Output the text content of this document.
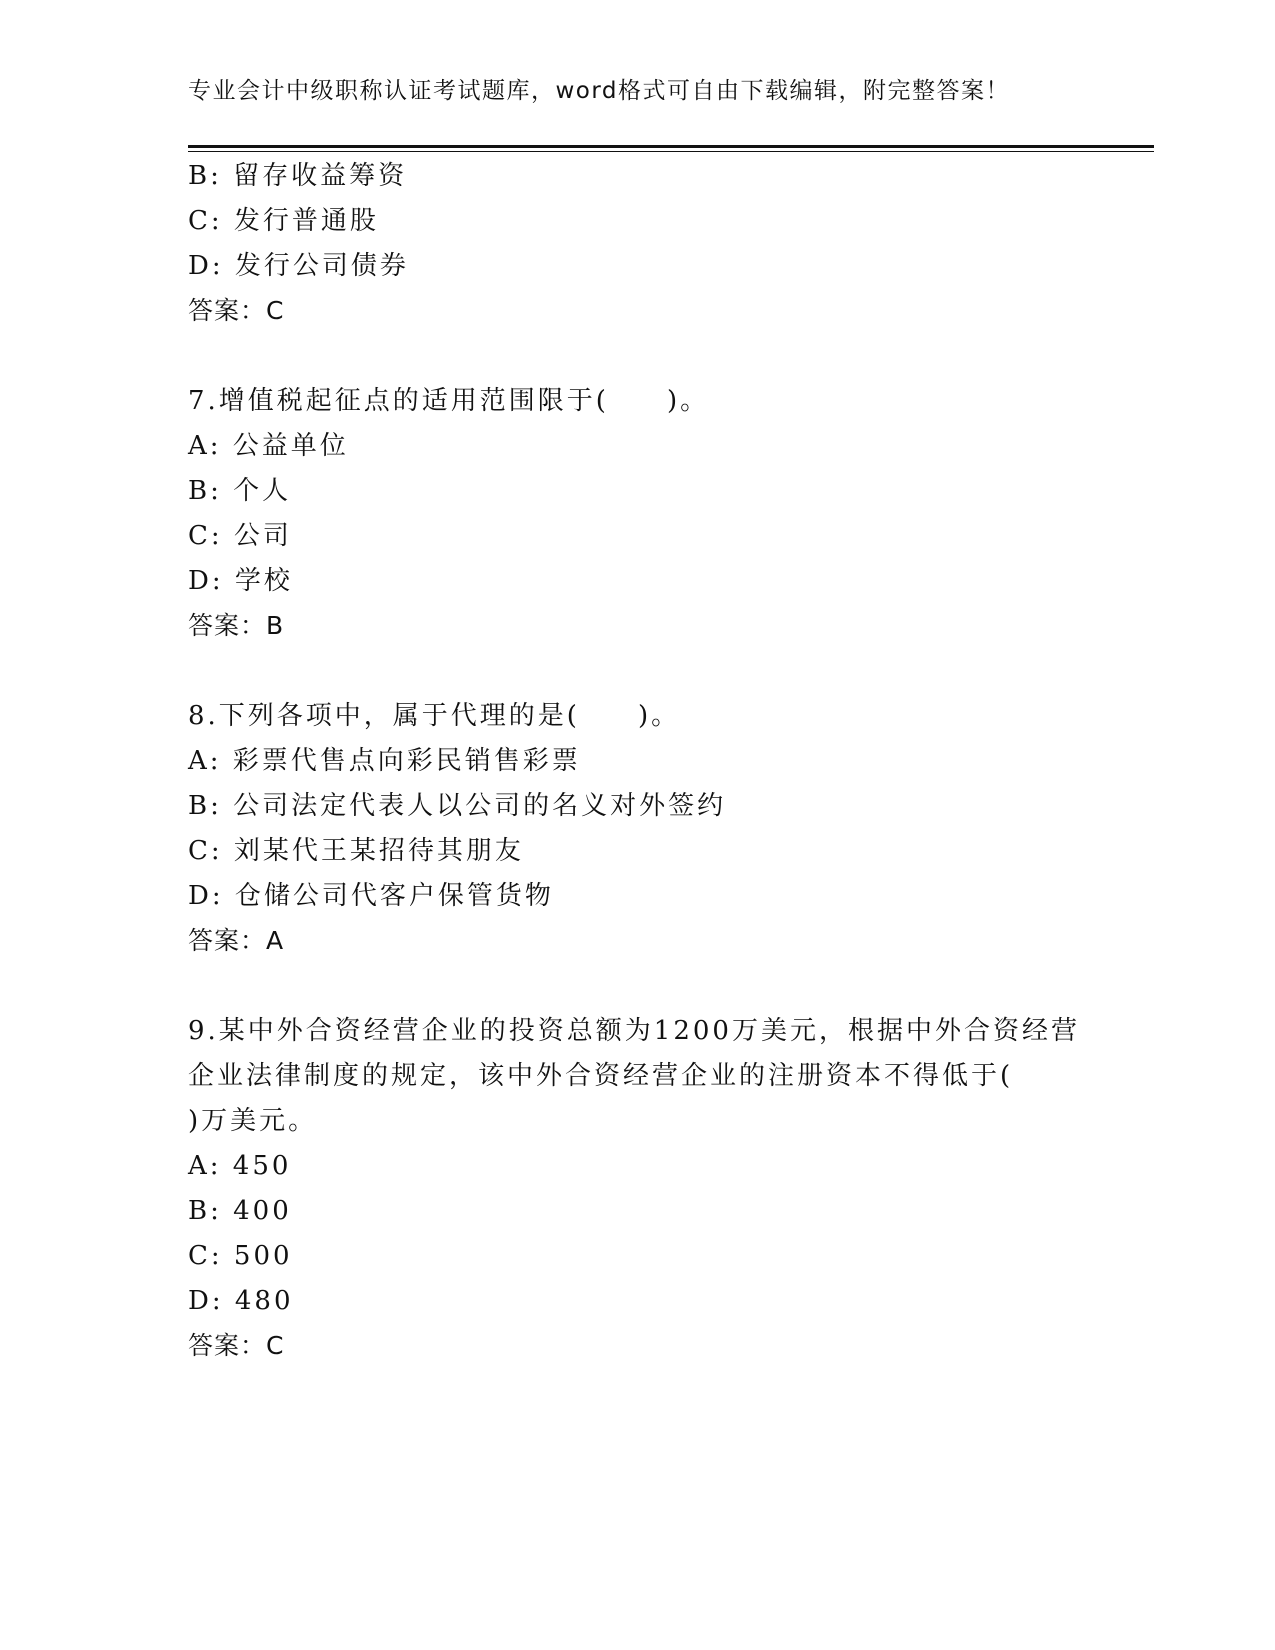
专业会计中级职称认证考试题库，word格式可自由下载编辑，附完整答案！
B: 留存收益筹资
C: 发行普通股
D: 发行公司债券
答案：C
7.增值税起征点的适用范围限于(　　)。
A: 公益单位
B: 个人
C: 公司
D: 学校
答案：B
8.下列各项中，属于代理的是(　　)。
A: 彩票代售点向彩民销售彩票
B: 公司法定代表人以公司的名义对外签约
C: 刘某代王某招待其朋友
D: 仓储公司代客户保管货物
答案：A
9.某中外合资经营企业的投资总额为1200万美元，根据中外合资经营
企业法律制度的规定，该中外合资经营企业的注册资本不得低于(
)万美元。
A: 450
B: 400
C: 500
D: 480
答案：C
